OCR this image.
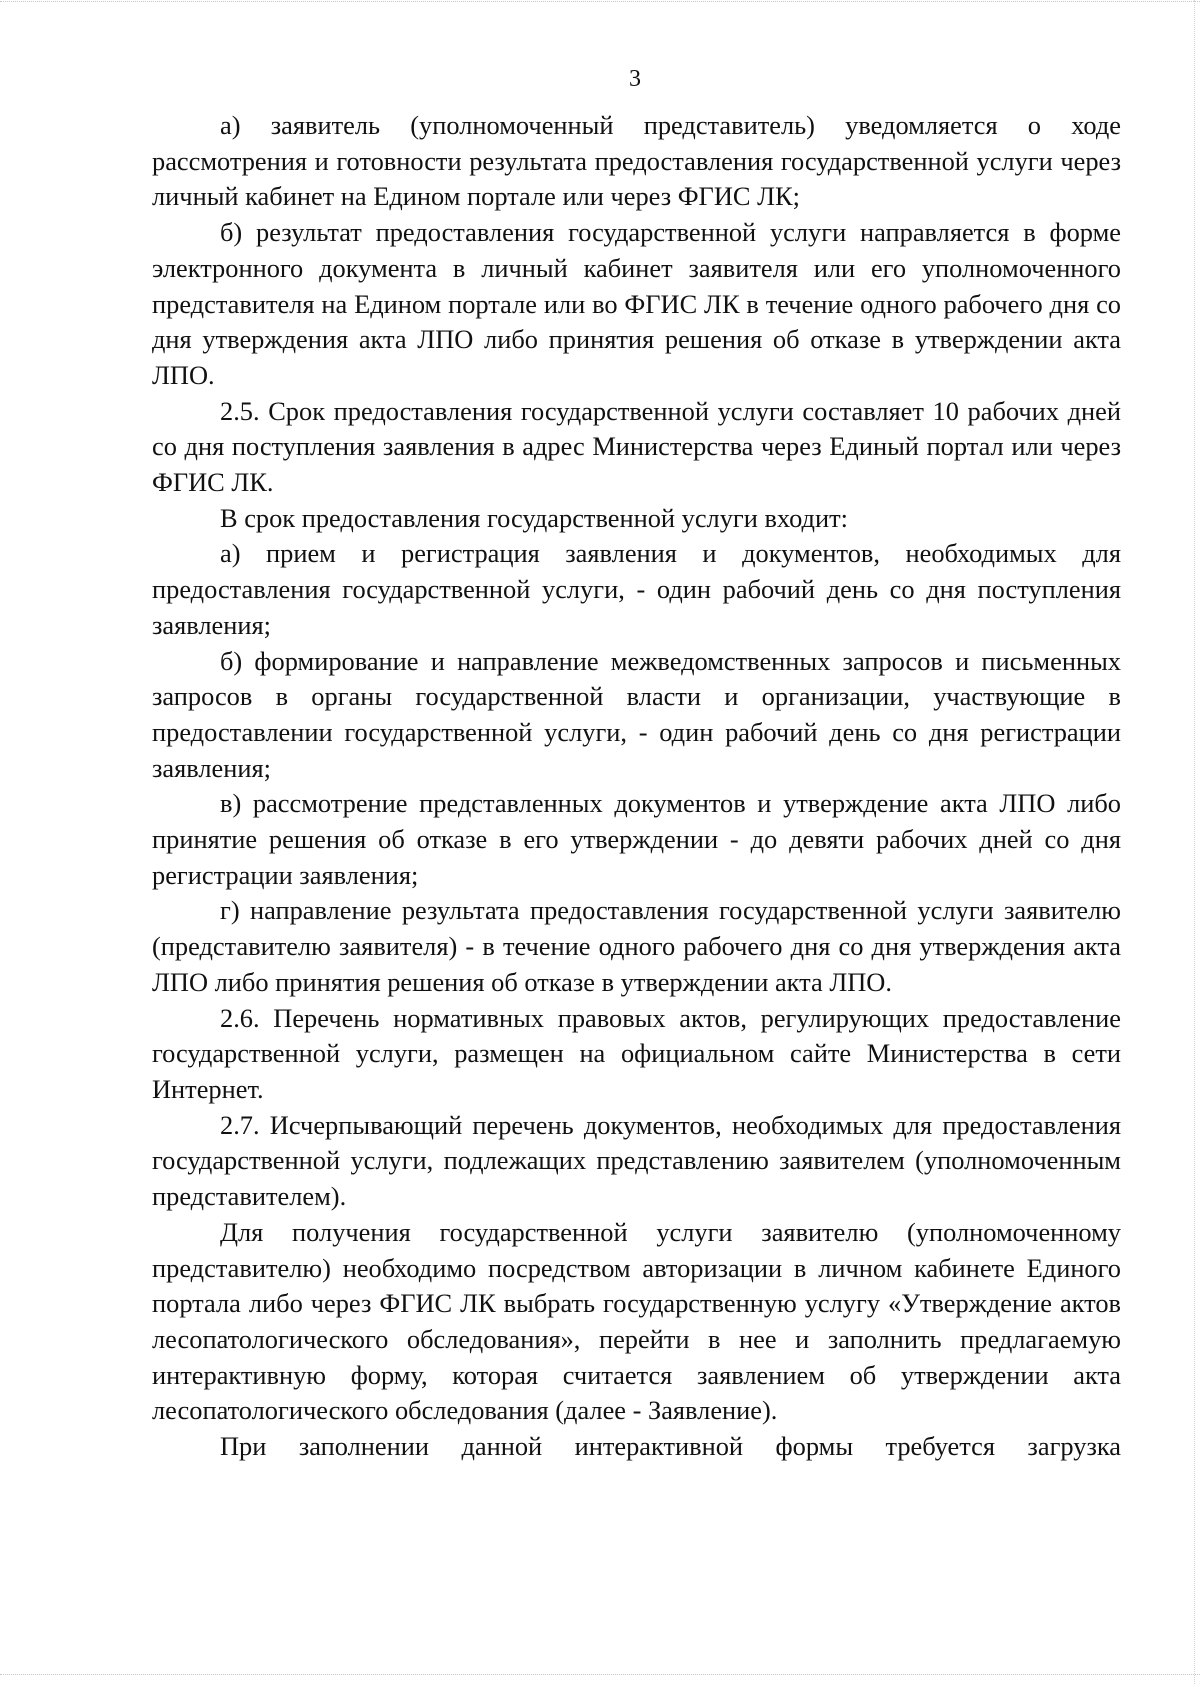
3

а) заявитель (уполномоченный представитель) уведомляется о ходе рассмотрения и готовности результата предоставления государственной услуги через личный кабинет на Едином портале или через ФГИС ЛК;

б) результат предоставления государственной услуги направляется в форме электронного документа в личный кабинет заявителя или его уполномоченного представителя на Едином портале или во ФГИС ЛК в течение одного рабочего дня со дня утверждения акта ЛПО либо принятия решения об отказе в утверждении акта ЛПО.

2.5. Срок предоставления государственной услуги составляет 10 рабочих дней со дня поступления заявления в адрес Министерства через Единый портал или через ФГИС ЛК.

В срок предоставления государственной услуги входит:

а) прием и регистрация заявления и документов, необходимых для предоставления государственной услуги, - один рабочий день со дня поступления заявления;

б) формирование и направление межведомственных запросов и письменных запросов в органы государственной власти и организации, участвующие в предоставлении государственной услуги, - один рабочий день со дня регистрации заявления;

в) рассмотрение представленных документов и утверждение акта ЛПО либо принятие решения об отказе в его утверждении - до девяти рабочих дней со дня регистрации заявления;

г) направление результата предоставления государственной услуги заявителю (представителю заявителя) - в течение одного рабочего дня со дня утверждения акта ЛПО либо принятия решения об отказе в утверждении акта ЛПО.

2.6. Перечень нормативных правовых актов, регулирующих предоставление государственной услуги, размещен на официальном сайте Министерства в сети Интернет.

2.7. Исчерпывающий перечень документов, необходимых для предоставления государственной услуги, подлежащих представлению заявителем (уполномоченным представителем).

Для получения государственной услуги заявителю (уполномоченному представителю) необходимо посредством авторизации в личном кабинете Единого портала либо через ФГИС ЛК выбрать государственную услугу «Утверждение актов лесопатологического обследования», перейти в нее и заполнить предлагаемую интерактивную форму, которая считается заявлением об утверждении акта лесопатологического обследования (далее - Заявление).

При заполнении данной интерактивной формы требуется загрузка
